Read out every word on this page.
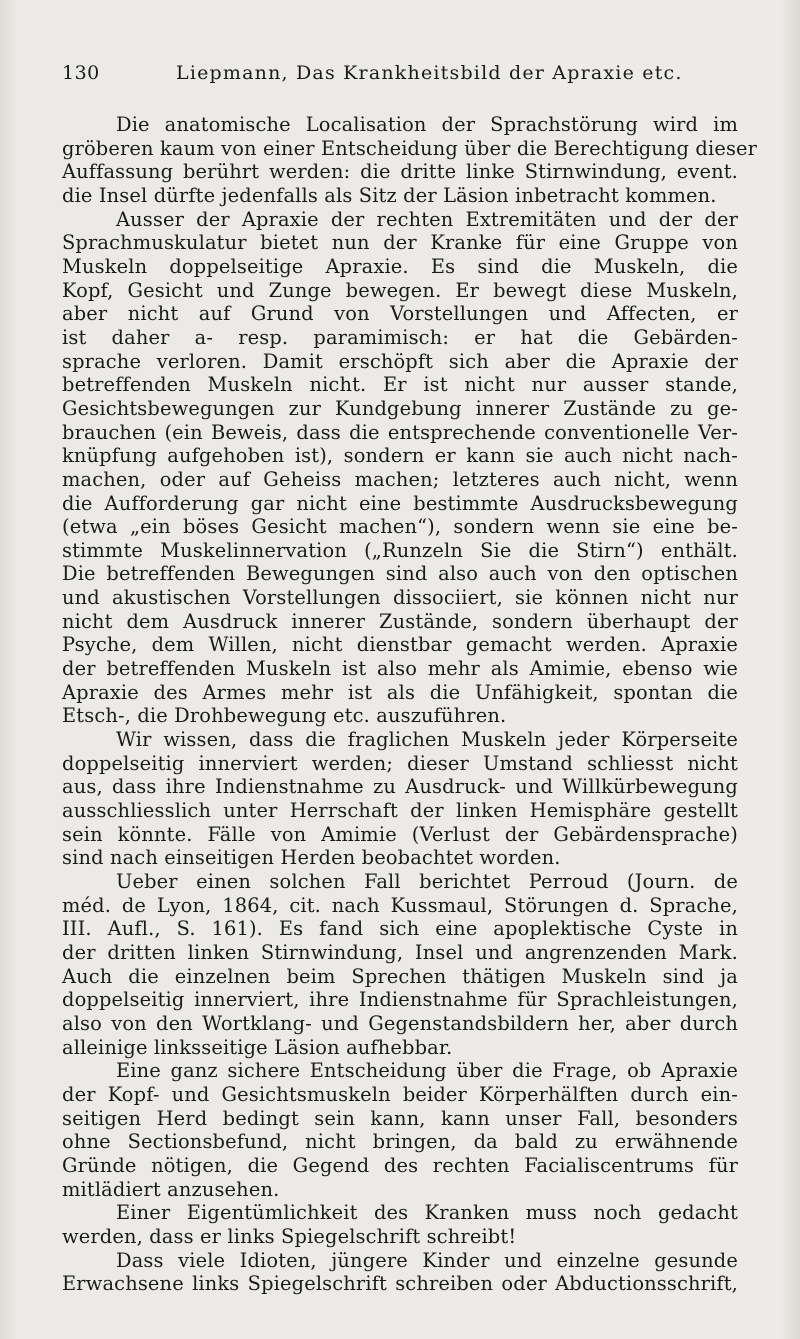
130	Liepmann, Das Krankheitsbild der Apraxie etc.
Die anatomische Localisation der Sprachstörung wird im
gröberen kaum von einer Entscheidung über die Berechtigung dieser
Auffassung berührt werden: die dritte linke Stirnwindung, event.
die Insel dürfte jedenfalls als Sitz der Läsion inbetracht kommen.
Ausser der Apraxie der rechten Extremitäten und der der
Sprachmuskulatur bietet nun der Kranke für eine Gruppe von
Muskeln doppelseitige Apraxie. Es sind die Muskeln, die
Kopf, Gesicht und Zunge bewegen. Er bewegt diese Muskeln,
aber nicht auf Grund von Vorstellungen und Affecten, er
ist daher a- resp. paramimisch: er hat die Gebärden-
sprache verloren. Damit erschöpft sich aber die Apraxie der
betreffenden Muskeln nicht. Er ist nicht nur ausser stande,
Gesichtsbewegungen zur Kundgebung innerer Zustände zu ge-
brauchen (ein Beweis, dass die entsprechende conventionelle Ver-
knüpfung aufgehoben ist), sondern er kann sie auch nicht nach-
machen, oder auf Geheiss machen; letzteres auch nicht, wenn
die Aufforderung gar nicht eine bestimmte Ausdrucksbewegung
(etwa „ein böses Gesicht machen“), sondern wenn sie eine be-
stimmte Muskelinnervation („Runzeln Sie die Stirn“) enthält.
Die betreffenden Bewegungen sind also auch von den optischen
und akustischen Vorstellungen dissociiert, sie können nicht nur
nicht dem Ausdruck innerer Zustände, sondern überhaupt der
Psyche, dem Willen, nicht dienstbar gemacht werden. Apraxie
der betreffenden Muskeln ist also mehr als Amimie, ebenso wie
Apraxie des Armes mehr ist als die Unfähigkeit, spontan die
Etsch-, die Drohbewegung etc. auszuführen.
Wir wissen, dass die fraglichen Muskeln jeder Körperseite
doppelseitig innerviert werden; dieser Umstand schliesst nicht
aus, dass ihre Indienstnahme zu Ausdruck- und Willkürbewegung
ausschliesslich unter Herrschaft der linken Hemisphäre gestellt
sein könnte. Fälle von Amimie (Verlust der Gebärdensprache)
sind nach einseitigen Herden beobachtet worden.
Ueber einen solchen Fall berichtet Perroud (Journ. de
méd. de Lyon, 1864, cit. nach Kussmaul, Störungen d. Sprache,
III. Aufl., S. 161). Es fand sich eine apoplektische Cyste in
der dritten linken Stirnwindung, Insel und angrenzenden Mark.
Auch die einzelnen beim Sprechen thätigen Muskeln sind ja
doppelseitig innerviert, ihre Indienstnahme für Sprachleistungen,
also von den Wortklang- und Gegenstandsbildern her, aber durch
alleinige linksseitige Läsion aufhebbar.
Eine ganz sichere Entscheidung über die Frage, ob Apraxie
der Kopf- und Gesichtsmuskeln beider Körperhälften durch ein-
seitigen Herd bedingt sein kann, kann unser Fall, besonders
ohne Sectionsbefund, nicht bringen, da bald zu erwähnende
Gründe nötigen, die Gegend des rechten Facialiscentrums für
mitlädiert anzusehen.
Einer Eigentümlichkeit des Kranken muss noch gedacht
werden, dass er links Spiegelschrift schreibt!
Dass viele Idioten, jüngere Kinder und einzelne gesunde
Erwachsene links Spiegelschrift schreiben oder Abductionsschrift,
